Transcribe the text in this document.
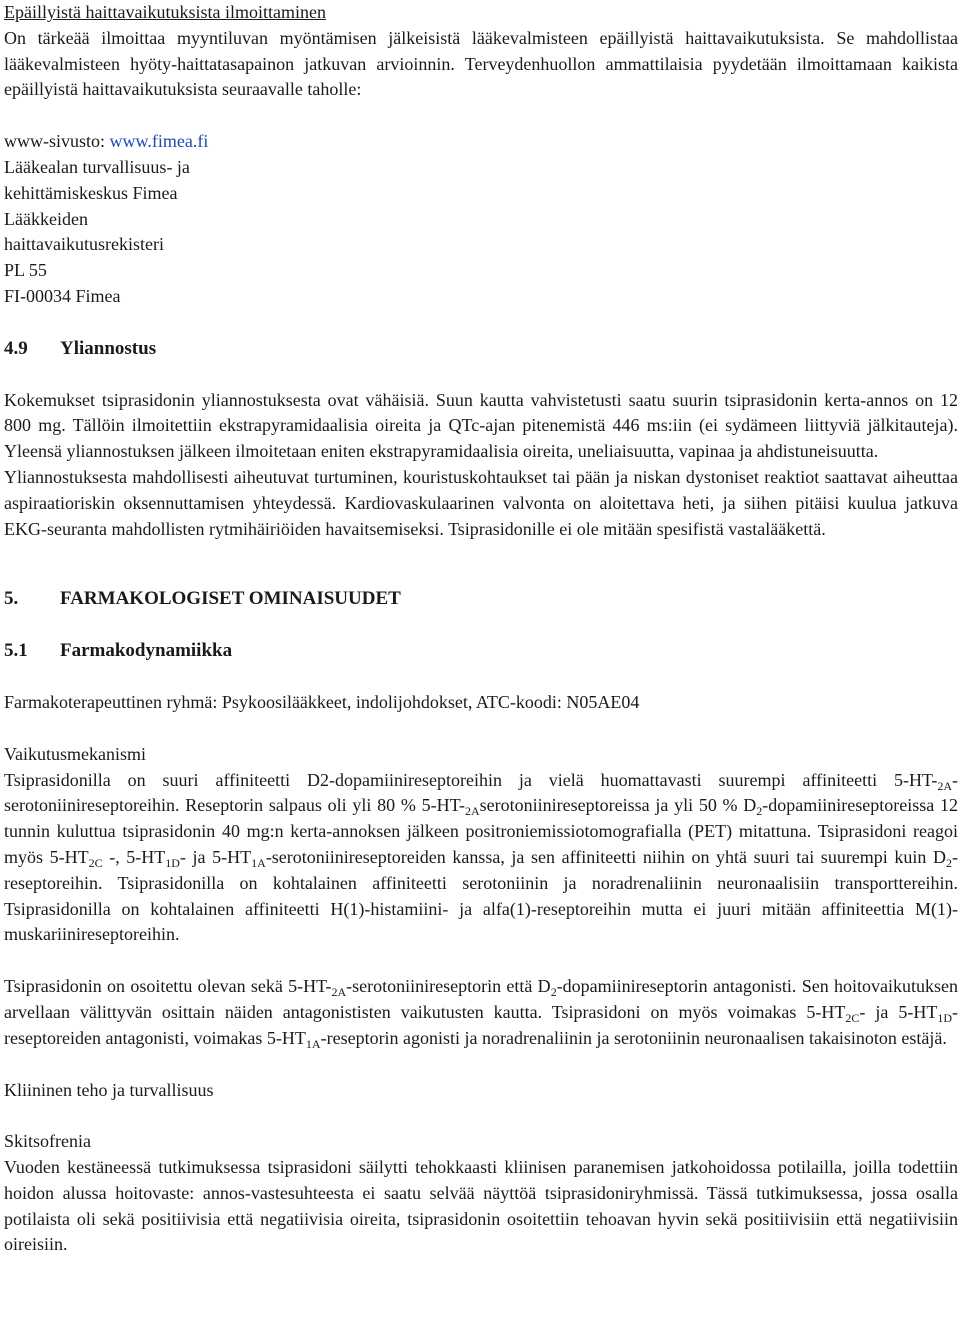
Epäillyistä haittavaikutuksista ilmoittaminen

On tärkeää ilmoittaa myyntiluvan myöntämisen jälkeisistä lääkevalmisteen epäillyistä haittavaikutuksista. Se mahdollistaa lääkevalmisteen hyöty-haittatasapainon jatkuvan arvioinnin. Terveydenhuollon ammattilaisia pyydetään ilmoittamaan kaikista epäillyistä haittavaikutuksista seuraavalle taholle:

www-sivusto: www.fimea.fi

Lääkealan turvallisuus- ja

kehittämiskeskus Fimea

Lääkkeiden

haittavaikutusrekisteri

PL 55

FI-00034 Fimea

4.9 Yliannostus

Kokemukset tsiprasidonin yliannostuksesta ovat vähäisiä. Suun kautta vahvistetusti saatu suurin tsiprasidonin kerta-annos on 12 800 mg. Tällöin ilmoitettiin ekstrapyramidaalisia oireita ja QTc-ajan pitenemistä 446 ms:iin (ei sydämeen liittyviä jälkitauteja). Yleensä yliannostuksen jälkeen ilmoitetaan eniten ekstrapyramidaalisia oireita, uneliaisuutta, vapinaa ja ahdistuneisuutta.

Yliannostuksesta mahdollisesti aiheutuvat turtuminen, kouristuskohtaukset tai pään ja niskan dystoniset reaktiot saattavat aiheuttaa aspiraatioriskin oksennuttamisen yhteydessä. Kardiovaskulaarinen valvonta on aloitettava heti, ja siihen pitäisi kuulua jatkuva EKG-seuranta mahdollisten rytmihäiriöiden havaitsemiseksi. Tsiprasidonille ei ole mitään spesifistä vastalääkettä.

5. FARMAKOLOGISET OMINAISUUDET
5.1 Farmakodynamiikka

Farmakoterapeuttinen ryhmä: Psykoosilääkkeet, indolijohdokset, ATC-koodi: N05AE04

Vaikutusmekanismi

Tsiprasidonilla on suuri affiniteetti D2-dopamiinireseptoreihin ja vielä huomattavasti suurempi affiniteetti $5-HT-_{2A}$-serotoniinireseptoreihin. Reseptorin salpaus oli yli 80 % $5-HT-_{2A}serotoniinireseptoreissa$ ja yli 50 % $D_2$-dopamiinireseptoreissa 12 tunnin kuluttua tsiprasidonin 40 mg:n kerta-annoksen jälkeen positroniemissiotomografialla (PET) mitattuna. Tsiprasidoni reagoi myös $5-HT_{2C}$ -, $5-HT_{1D}-$ ja $5-HT_{1A}$-serotoniinireseptoreiden kanssa, ja sen affiniteetti niihin on yhtä suuri tai suurempi kuin $D_2$-reseptoreihin. Tsiprasidonilla on kohtalainen affiniteetti serotoniinin ja noradrenaliinin neuronaalisiin transporttereihin. Tsiprasidonilla on kohtalainen affiniteetti H(1)-histamiini- ja alfa(1)-reseptoreihin mutta ei juuri mitään affiniteettia M(1)-muskariinireseptoreihin.

Tsiprasidonin on osoitettu olevan sekä $5-HT-_{2A}$-serotoniinireseptorin että $D_2$-dopamiinireseptorin antagonisti. Sen hoitovaikutuksen arvellaan välittyvän osittain näiden antagonististen vaikutusten kautta. Tsiprasidoni on myös voimakas $5-HT_{2C}-$ ja $5-HT_{1D}$-reseptoreiden antagonisti, voimakas $5-HT_{1A}$-reseptorin agonisti ja noradrenaliinin ja serotoniinin neuronaalisen takaisinoton estäjä.

Kliininen teho ja turvallisuus

Skitsofrenia

Vuoden kestäneessä tutkimuksessa tsiprasidoni säilytti tehokkaasti kliinisen paranemisen jatkohoidossa potilailla, joilla todettiin hoidon alussa hoitovaste: annos-vastesuhteesta ei saatu selvää näyttöä tsiprasidoniryhmissä. Tässä tutkimuksessa, jossa osalla potilaista oli sekä positiivisia että negatiivisia oireita, tsiprasidonin osoitettiin tehoavan hyvin sekä positiivisiin että negatiivisiin oireisiin.
